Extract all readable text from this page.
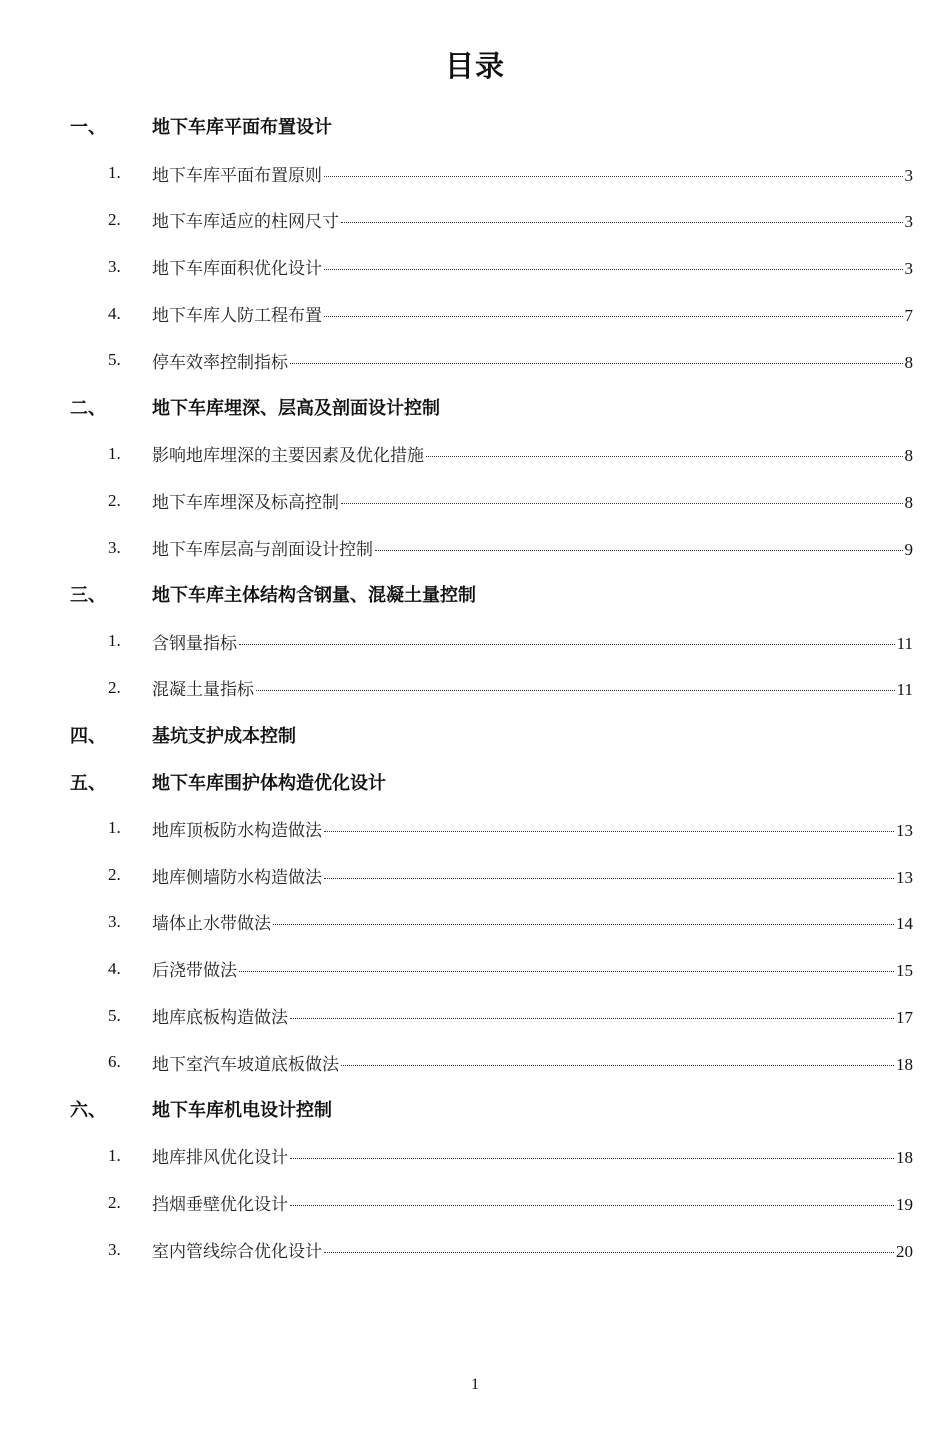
目录
一、	地下车库平面布置设计
1.	地下车库平面布置原则	3
2.	地下车库适应的柱网尺寸	3
3.	地下车库面积优化设计	3
4.	地下车库人防工程布置	7
5.	停车效率控制指标	8
二、	地下车库埋深、层高及剖面设计控制
1.	影响地库埋深的主要因素及优化措施	8
2.	地下车库埋深及标高控制	8
3.	地下车库层高与剖面设计控制	9
三、	地下车库主体结构含钢量、混凝土量控制
1.	含钢量指标	11
2.	混凝土量指标	11
四、	基坑支护成本控制
五、	地下车库围护体构造优化设计
1.	地库顶板防水构造做法	13
2.	地库侧墙防水构造做法	13
3.	墙体止水带做法	14
4.	后浇带做法	15
5.	地库底板构造做法	17
6.	地下室汽车坡道底板做法	18
六、	地下车库机电设计控制
1.	地库排风优化设计	18
2.	挡烟垂壁优化设计	19
3.	室内管线综合优化设计	20
1
